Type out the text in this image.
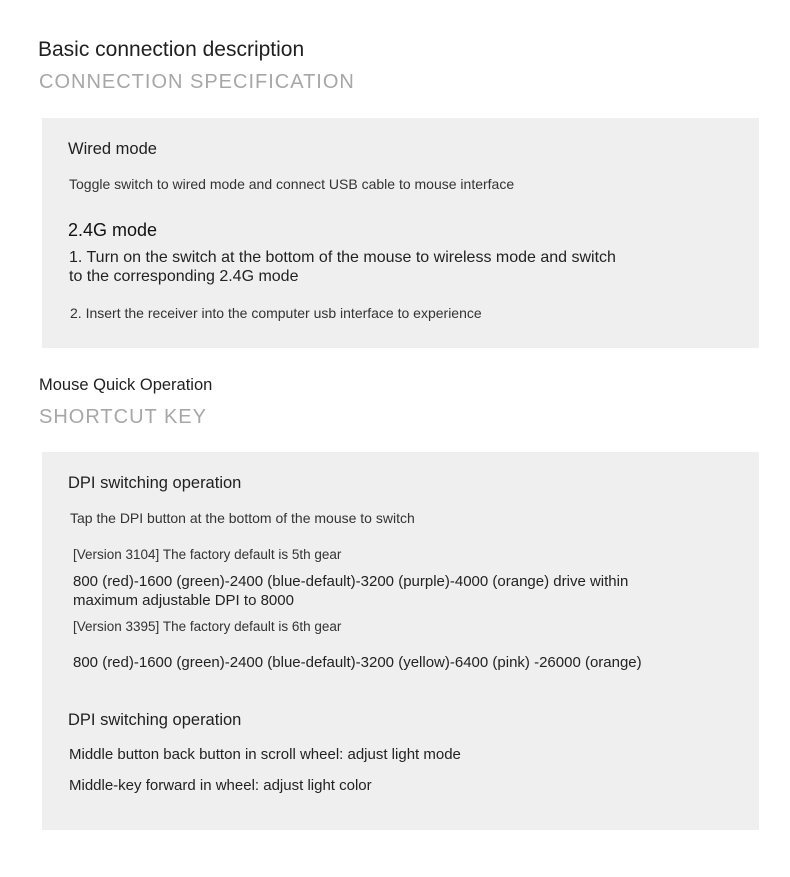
Basic connection description
CONNECTION SPECIFICATION
Wired mode
Toggle switch to wired mode and connect USB cable to mouse interface
2.4G mode
1. Turn on the switch at the bottom of the mouse to wireless mode and switch
to the corresponding 2.4G mode
2. Insert the receiver into the computer usb interface to experience
Mouse Quick Operation
SHORTCUT KEY
DPI switching operation
Tap the DPI button at the bottom of the mouse to switch
[Version 3104] The factory default is 5th gear
800 (red)-1600 (green)-2400 (blue-default)-3200 (purple)-4000 (orange) drive within
maximum adjustable DPI to 8000
[Version 3395] The factory default is 6th gear
800 (red)-1600 (green)-2400 (blue-default)-3200 (yellow)-6400 (pink) -26000 (orange)
DPI switching operation
Middle button back button in scroll wheel: adjust light mode
Middle-key forward in wheel: adjust light color
